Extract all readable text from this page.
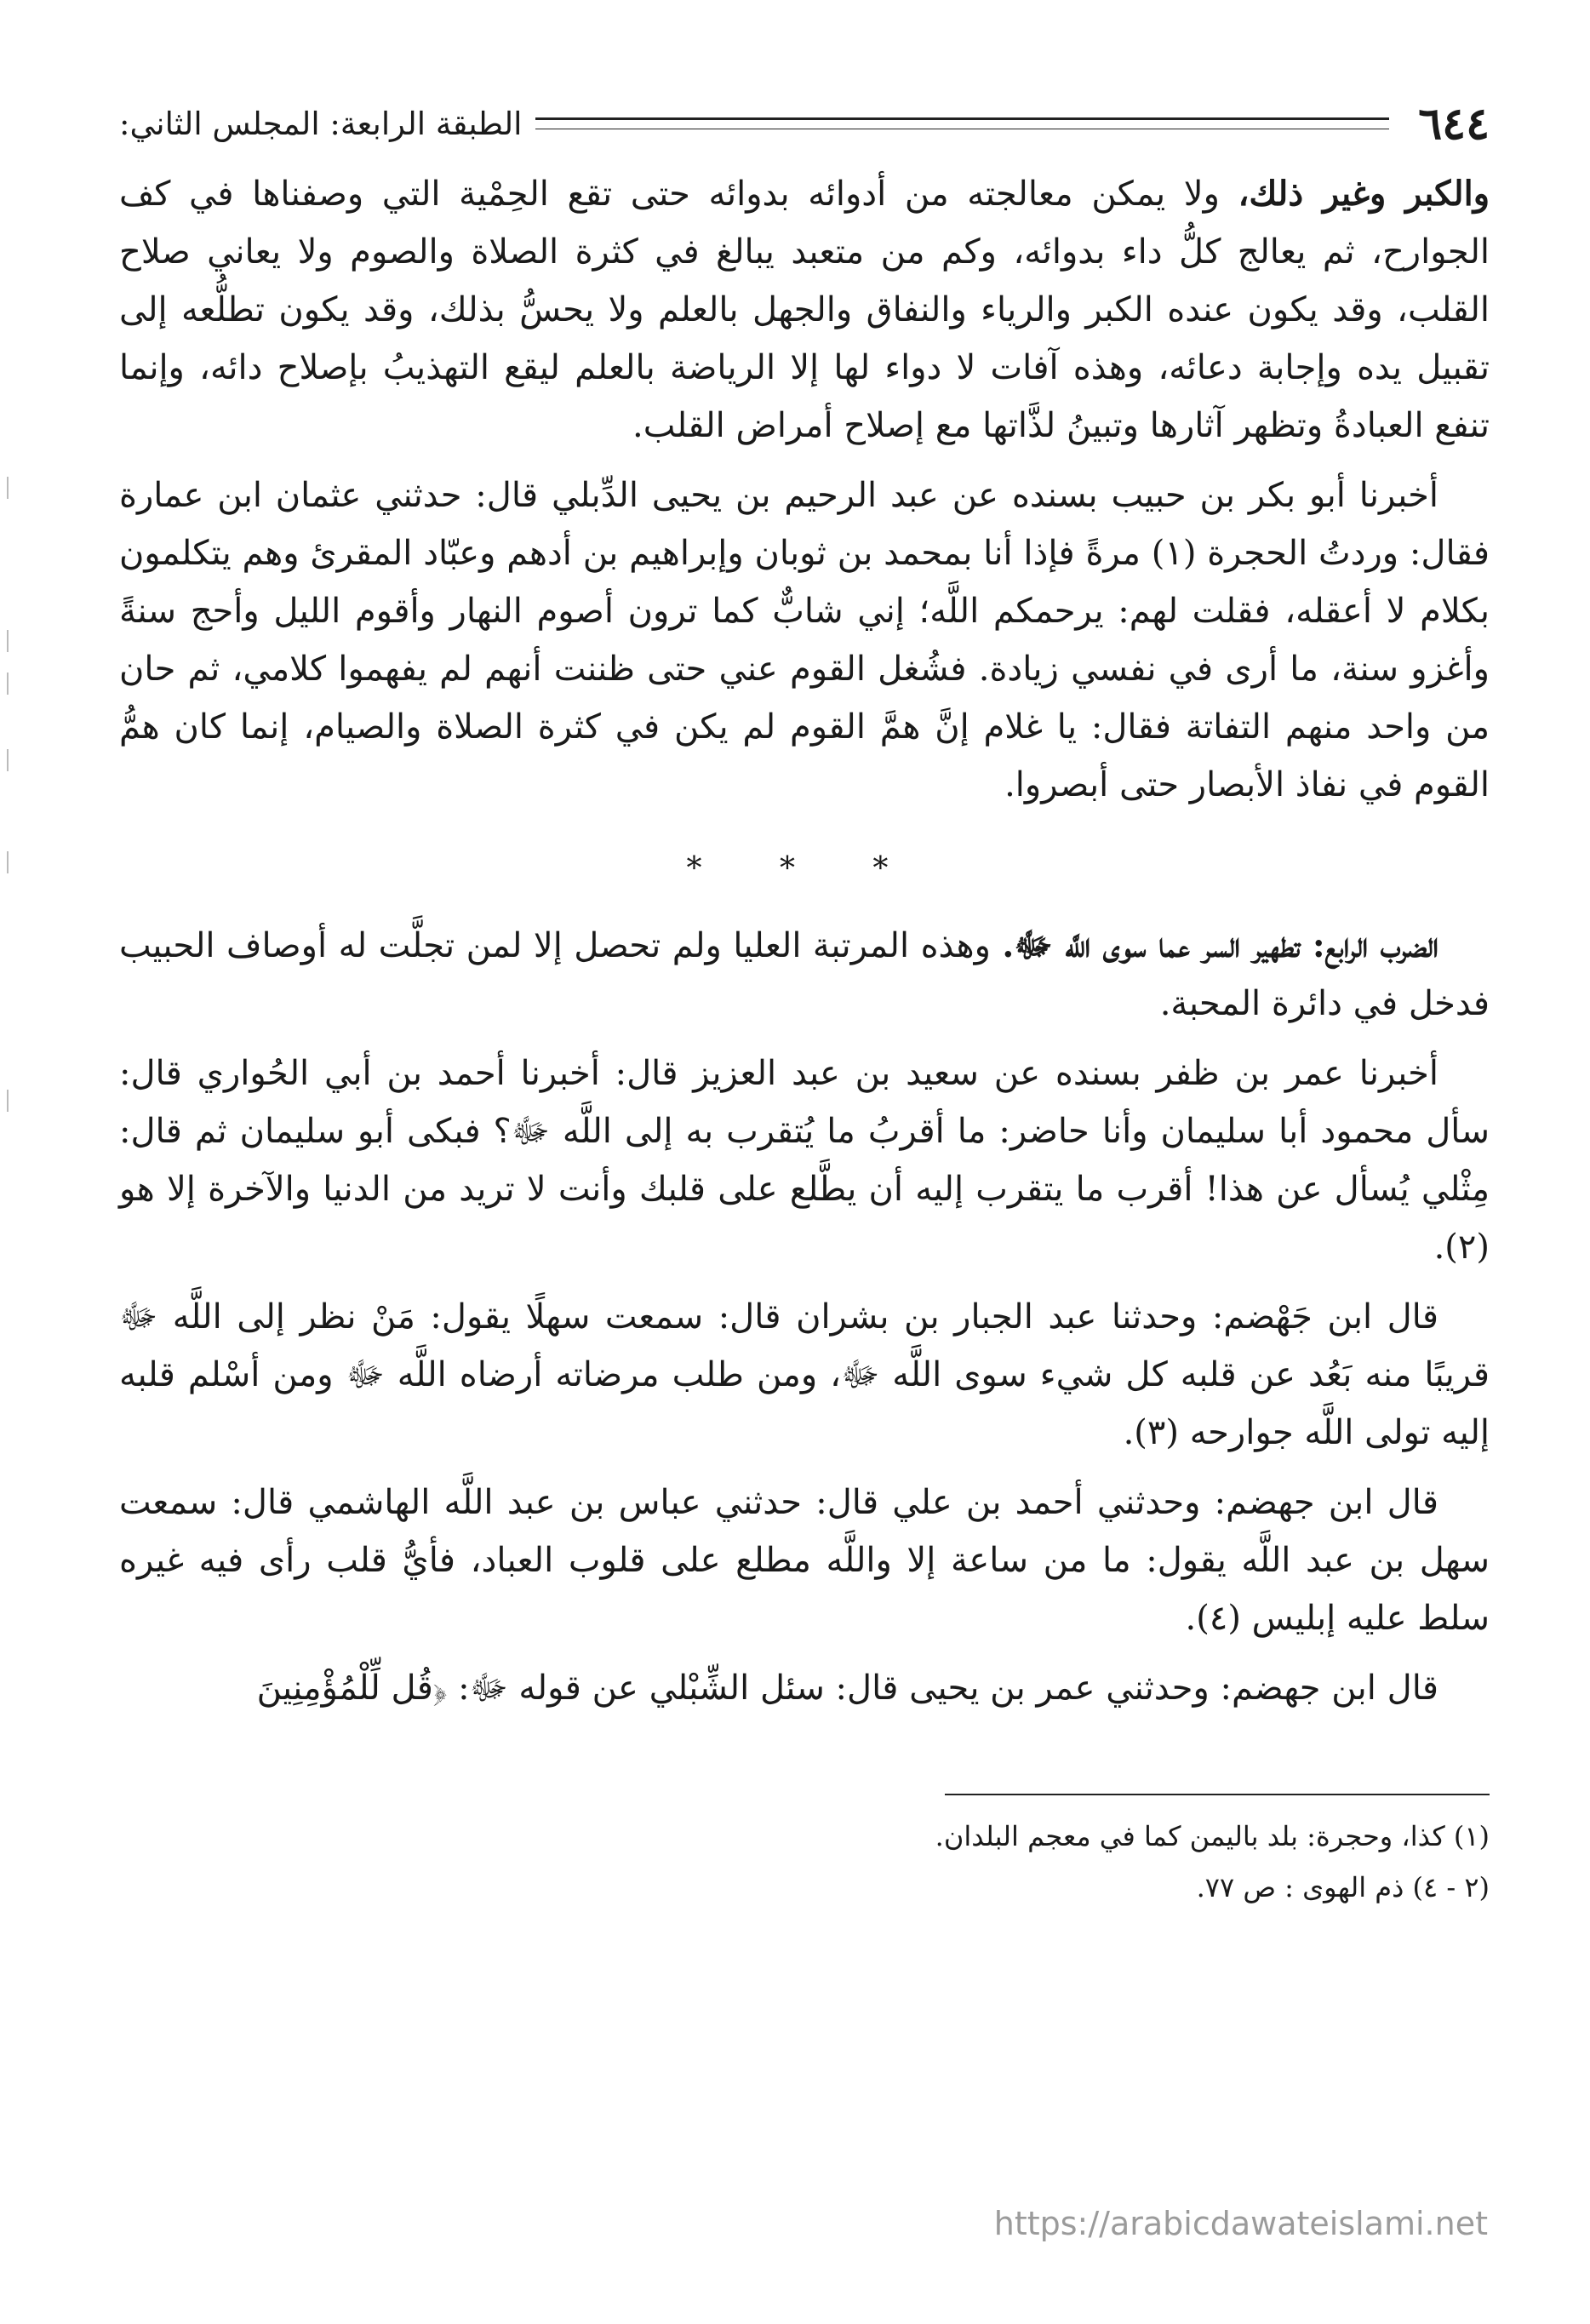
٦٤٤
الطبقة الرابعة: المجلس الثاني:

والكبر وغير ذلك، ولا يمكن معالجته من أدوائه بدوائه حتى تقع الحِمْية التي وصفناها في كف الجوارح، ثم يعالج كلُّ داء بدوائه، وكم من متعبد يبالغ في كثرة الصلاة والصوم ولا يعاني صلاح القلب، وقد يكون عنده الكبر والرياء والنفاق والجهل بالعلم ولا يحسُّ بذلك، وقد يكون تطلُّعه إلى تقبيل يده وإجابة دعائه، وهذه آفات لا دواء لها إلا الرياضة بالعلم ليقع التهذيبُ بإصلاح دائه، وإنما تنفع العبادةُ وتظهر آثارها وتبينُ لذَّاتها مع إصلاح أمراض القلب.

أخبرنا أبو بكر بن حبيب بسنده عن عبد الرحيم بن يحيى الدِّبلي قال: حدثني عثمان ابن عمارة فقال: وردتُ الحجرة (١) مرةً فإذا أنا بمحمد بن ثوبان وإبراهيم بن أدهم وعبّاد المقرئ وهم يتكلمون بكلام لا أعقله، فقلت لهم: يرحمكم اللَّه؛ إني شابٌّ كما ترون أصوم النهار وأقوم الليل وأحج سنةً وأغزو سنة، ما أرى في نفسي زيادة. فشُغل القوم عني حتى ظننت أنهم لم يفهموا كلامي، ثم حان من واحد منهم التفاتة فقال: يا غلام إنَّ همَّ القوم لم يكن في كثرة الصلاة والصيام، إنما كان همُّ القوم في نفاذ الأبصار حتى أبصروا.

* * *

الضرب الرابع: تطهير السر عما سوى اللَّه ﷻ. وهذه المرتبة العليا ولم تحصل إلا لمن تجلَّت له أوصاف الحبيب فدخل في دائرة المحبة.

أخبرنا عمر بن ظفر بسنده عن سعيد بن عبد العزيز قال: أخبرنا أحمد بن أبي الحُواري قال: سأل محمود أبا سليمان وأنا حاضر: ما أقربُ ما يُتقرب به إلى اللَّه ﷻ؟ فبكى أبو سليمان ثم قال: مِثْلي يُسأل عن هذا! أقرب ما يتقرب إليه أن يطَّلع على قلبك وأنت لا تريد من الدنيا والآخرة إلا هو (٢).

قال ابن جَهْضم: وحدثنا عبد الجبار بن بشران قال: سمعت سهلًا يقول: مَنْ نظر إلى اللَّه ﷻ قريبًا منه بَعُد عن قلبه كل شيء سوى اللَّه ﷻ، ومن طلب مرضاته أرضاه اللَّه ﷻ ومن أسْلم قلبه إليه تولى اللَّه جوارحه (٣).

قال ابن جهضم: وحدثني أحمد بن علي قال: حدثني عباس بن عبد اللَّه الهاشمي قال: سمعت سهل بن عبد اللَّه يقول: ما من ساعة إلا واللَّه مطلع على قلوب العباد، فأيُّ قلب رأى فيه غيره سلط عليه إبليس (٤).

قال ابن جهضم: وحدثني عمر بن يحيى قال: سئل الشِّبْلي عن قوله ﷻ: ﴿قُل لِّلْمُؤْمِنِينَ

(١) كذا، وحجرة: بلد باليمن كما في معجم البلدان.
(٢ - ٤) ذم الهوى : ص ٧٧.
https://arabicdawateislami.net
